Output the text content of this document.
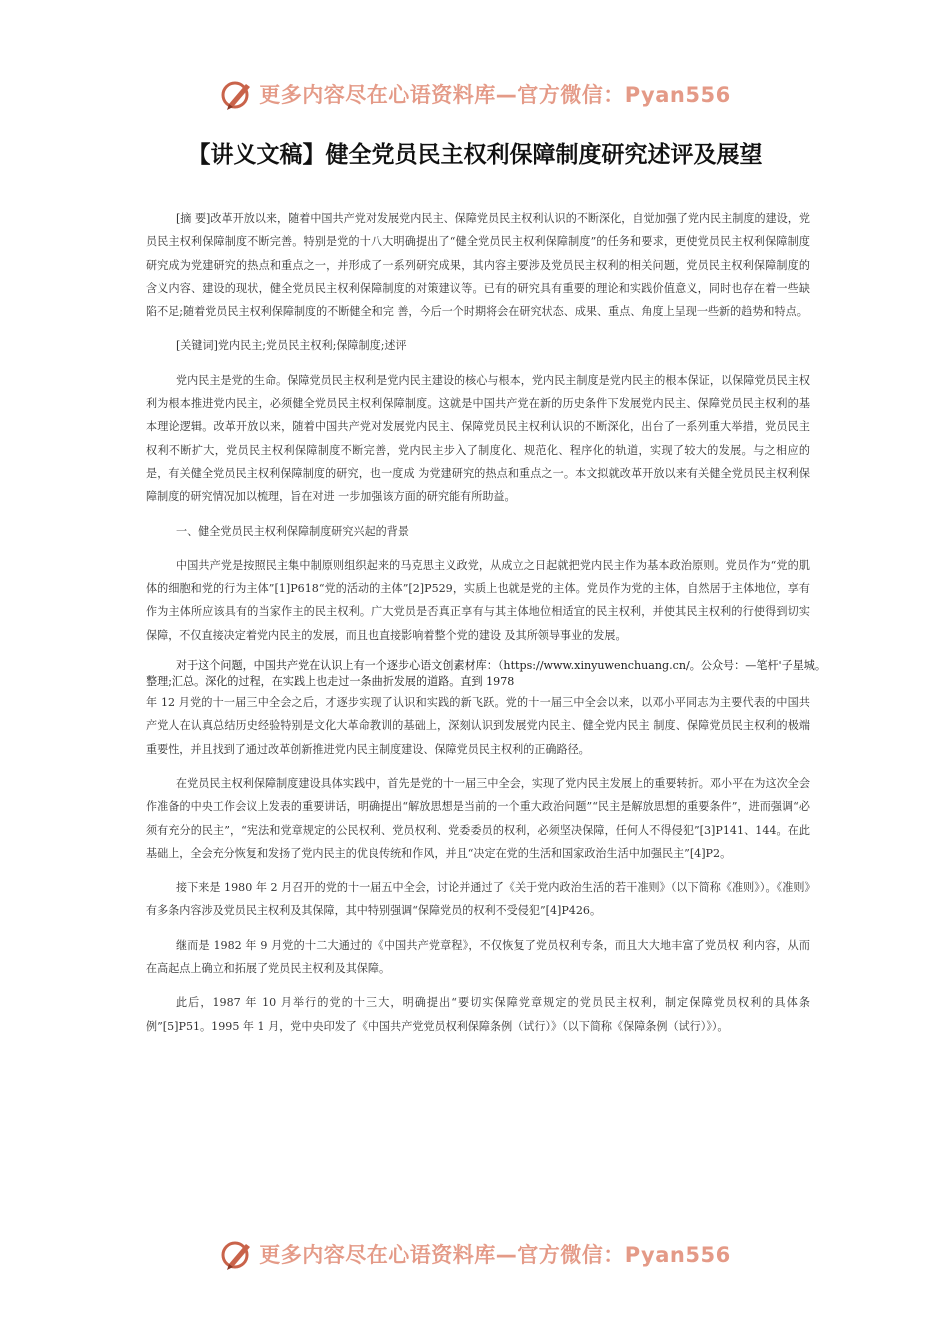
更多内容尽在心语资料库—官方微信：Pyan556
【讲义文稿】健全党员民主权利保障制度研究述评及展望

[摘 要]改革开放以来，随着中国共产党对发展党内民主、保障党员民主权利认识的不断深化，自觉加强了党内民主制度的建设，党员民主权利保障制度不断完善。特别是党的十八大明确提出了“健全党员民主权利保障制度”的任务和要求，更使党员民主权利保障制度研究成为党建研究的热点和重点之一，并形成了一系列研究成果，其内容主要涉及党员民主权利的相关问题，党员民主权利保障制度的含义内容、建设的现状，健全党员民主权利保障制度的对策建议等。已有的研究具有重要的理论和实践价值意义，同时也存在着一些缺陷不足;随着党员民主权利保障制度的不断健全和完 善，今后一个时期将会在研究状态、成果、重点、角度上呈现一些新的趋势和特点。

[关键词]党内民主;党员民主权利;保障制度;述评

党内民主是党的生命。保障党员民主权利是党内民主建设的核心与根本，党内民主制度是党内民主的根本保证，以保障党员民主权利为根本推进党内民主，必须健全党员民主权利保障制度。这就是中国共产党在新的历史条件下发展党内民主、保障党员民主权利的基本理论逻辑。改革开放以来，随着中国共产党对发展党内民主、保障党员民主权利认识的不断深化，出台了一系列重大举措，党员民主权利不断扩大，党员民主权利保障制度不断完善，党内民主步入了制度化、规范化、程序化的轨道，实现了较大的发展。与之相应的是，有关健全党员民主权利保障制度的研究，也一度成 为党建研究的热点和重点之一。本文拟就改革开放以来有关健全党员民主权利保障制度的研究情况加以梳理，旨在对进 一步加强该方面的研究能有所助益。

一、健全党员民主权利保障制度研究兴起的背景

中国共产党是按照民主集中制原则组织起来的马克思主义政党，从成立之日起就把党内民主作为基本政治原则。党员作为“党的肌体的细胞和党的行为主体”[1]P618“党的活动的主体”[2]P529，实质上也就是党的主体。党员作为党的主体，自然居于主体地位，享有作为主体所应该具有的当家作主的民主权利。广大党员是否真正享有与其主体地位相适宜的民主权利，并使其民主权利的行使得到切实保障，不仅直接决定着党内民主的发展，而且也直接影响着整个党的建设 及其所领导事业的发展。

对于这个问题，中国共产党在认识上有一个逐步心语文创素材库：（https://www.xinyuwenchuang.cn/。公众号：—笔杆'子星城。整理;汇总。深化的过程，在实践上也走过一条曲折发展的道路。直到 1978

年 12 月党的十一届三中全会之后，才逐步实现了认识和实践的新飞跃。党的十一届三中全会以来，以邓小平同志为主要代表的中国共产党人在认真总结历史经验特别是文化大革命教训的基础上，深刻认识到发展党内民主、健全党内民主 制度、保障党员民主权利的极端重要性，并且找到了通过改革创新推进党内民主制度建设、保障党员民主权利的正确路径。

在党员民主权利保障制度建设具体实践中，首先是党的十一届三中全会，实现了党内民主发展上的重要转折。邓小平在为这次全会作准备的中央工作会议上发表的重要讲话，明确提出“解放思想是当前的一个重大政治问题”“民主是解放思想的重要条件”，进而强调“必须有充分的民主”，“宪法和党章规定的公民权利、党员权利、党委委员的权利，必须坚决保障，任何人不得侵犯”[3]P141、144。在此基础上，全会充分恢复和发扬了党内民主的优良传统和作风，并且“决定在党的生活和国家政治生活中加强民主”[4]P2。

接下来是 1980 年 2 月召开的党的十一届五中全会，讨论并通过了《关于党内政治生活的若干准则》（以下简称《准则》）。《准则》有多条内容涉及党员民主权利及其保障，其中特别强调“保障党员的权利不受侵犯”[4]P426。

继而是 1982 年 9 月党的十二大通过的《中国共产党章程》，不仅恢复了党员权利专条，而且大大地丰富了党员权 利内容，从而在高起点上确立和拓展了党员民主权利及其保障。

此后，1987 年 10 月举行的党的十三大，明确提出“要切实保障党章规定的党员民主权利，制定保障党员权利的具体条例”[5]P51。1995 年 1 月，党中央印发了《中国共产党党员权利保障条例（试行）》（以下简称《保障条例（试行）》）。

更多内容尽在心语资料库—官方微信：Pyan556
